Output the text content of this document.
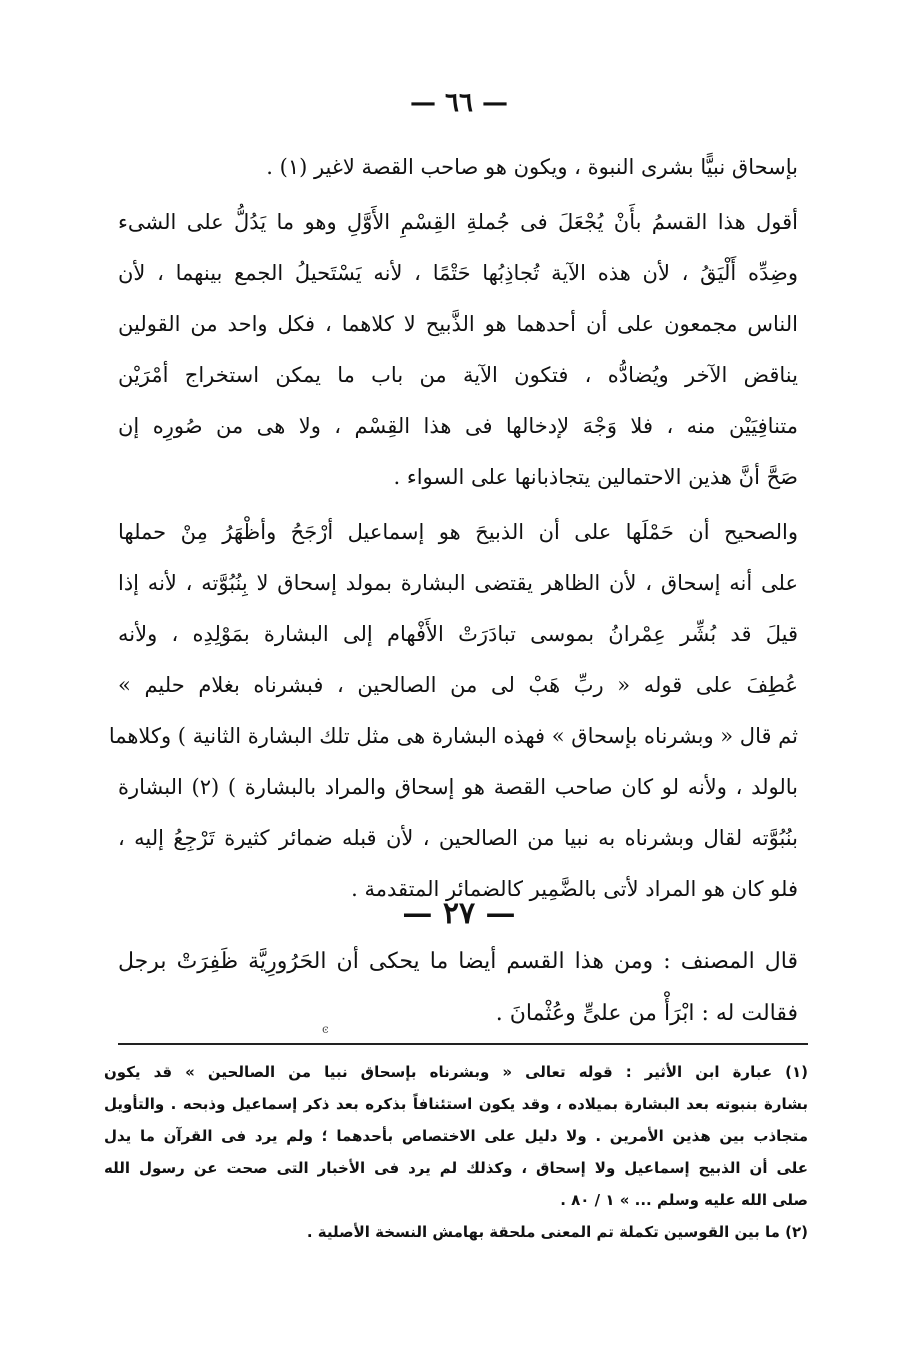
— ٦٦ —
بإسحاق نبيًّا بشرى النبوة ، ويكون هو صاحب القصة لاغير (١) .
أقول هذا القسمُ بأَنْ يُجْعَلَ فى جُملةِ القِسْمِ الأَوَّلِ وهو ما يَدُلُّ على الشىء
وضِدِّه أَلْيَقُ ، لأن هذه الآية تُجاذِبُها حَتْمًا ، لأنه يَسْتَحيلُ الجمع بينهما ، لأن
الناس مجمعون على أن أحدهما هو الذَّبيح لا كلاهما ، فكل واحد من القولين
يناقض الآخر ويُضادُّه ، فتكون الآية من باب ما يمكن استخراج أمْرَيْن
متنافِيَيْن منه ، فلا وَجْهَ لإدخالها فى هذا القِسْم ، ولا هى من صُورِه إن
صَحَّ أنَّ هذين الاحتمالين يتجاذبانها على السواء .
والصحيح أن حَمْلَها على أن الذبيحَ هو إسماعيل أرْجَحُ وأظْهَرُ مِنْ حملها
على أنه إسحاق ، لأن الظاهر يقتضى البشارة بمولد إسحاق لا بِنُبُوَّته ، لأنه إذا
قيلَ قد بُشِّر عِمْرانُ بموسى تبادَرَتْ الأَفْهام إلى البشارة بمَوْلِدِه ، ولأنه
عُطِفَ على قوله « ربِّ هَبْ لى من الصالحين ، فبشرناه بغلام حليم »
ثم قال « وبشرناه بإسحاق » فهذه البشارة هى مثل تلك البشارة الثانية ) وكلاهما
بالولد ، ولأنه لو كان صاحب القصة هو إسحاق والمراد بالبشارة ) (٢) البشارة
بنُبُوَّته لقال وبشرناه به نبيا من الصالحين ، لأن قبله ضمائر كثيرة تَرْجِعُ إليه ،
فلو كان هو المراد لأتى بالضَّمِير كالضمائر المتقدمة .
— ٢٧ —
قال المصنف : ومن هذا القسم أيضا ما يحكى أن الحَرُورِيَّة ظَفِرَتْ برجل
فقالت له : ابْرَأْ من علىٍّ وعُثْمانَ .
ͼ
(١) عبارة ابن الأثير : قوله تعالى « وبشرناه بإسحاق نبيا من الصالحين » قد يكون
بشارة بنبوته بعد البشارة بميلاده ، وقد يكون استئنافاً بذكره بعد ذكر إسماعيل وذبحه . والتأويل
متجاذب بين هذين الأمرين . ولا دليل على الاختصاص بأحدهما ؛ ولم يرد فى القرآن ما يدل
على أن الذبيح إسماعيل ولا إسحاق ، وكذلك لم يرد فى الأخبار التى صحت عن رسول الله
صلى الله عليه وسلم ... » ١ / ٨٠ .
(٢) ما بين القوسين تكملة تم المعنى ملحقة بهامش النسخة الأصلية .
